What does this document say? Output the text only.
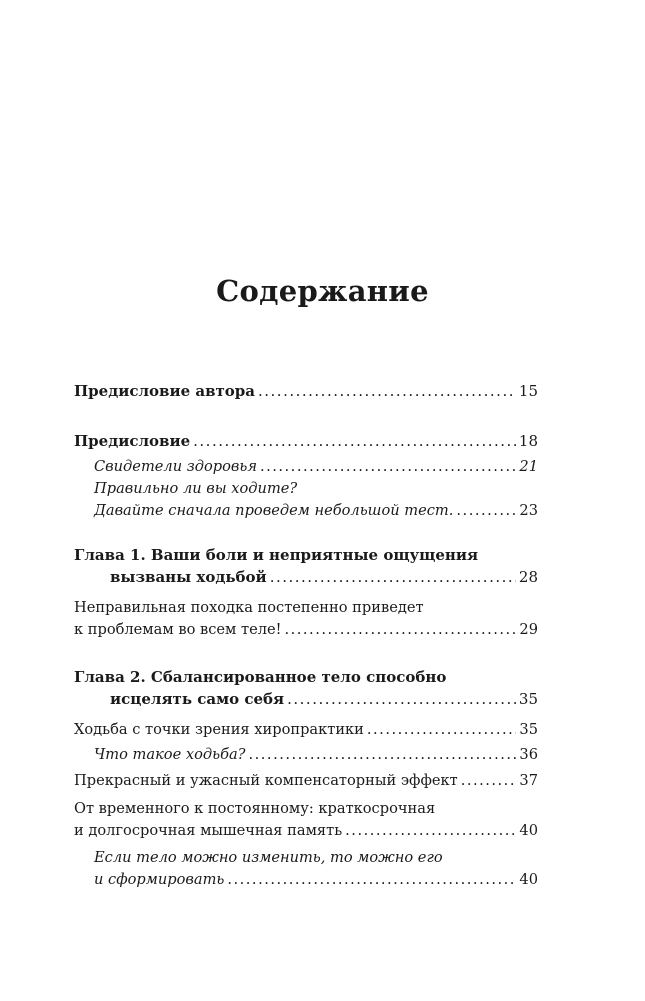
Содержание
Предисловие автора .....	15
Предисловие .....	18
Свидетели здоровья .....	21
Правильно ли вы ходите?
Давайте сначала проведем небольшой тест. .....	23
Глава 1. Ваши боли и неприятные ощущения
вызваны ходьбой .....	28
Неправильная походка постепенно приведет
к проблемам во всем теле! .....	29
Глава 2. Сбалансированное тело способно
исцелять само себя .....	35
Ходьба с точки зрения хиропрактики .....	35
Что такое ходьба? .....	36
Прекрасный и ужасный компенсаторный эффект .....	37
От временного к постоянному: краткосрочная
и долгосрочная мышечная память .....	40
Если тело можно изменить, то можно его
и сформировать .....	40
